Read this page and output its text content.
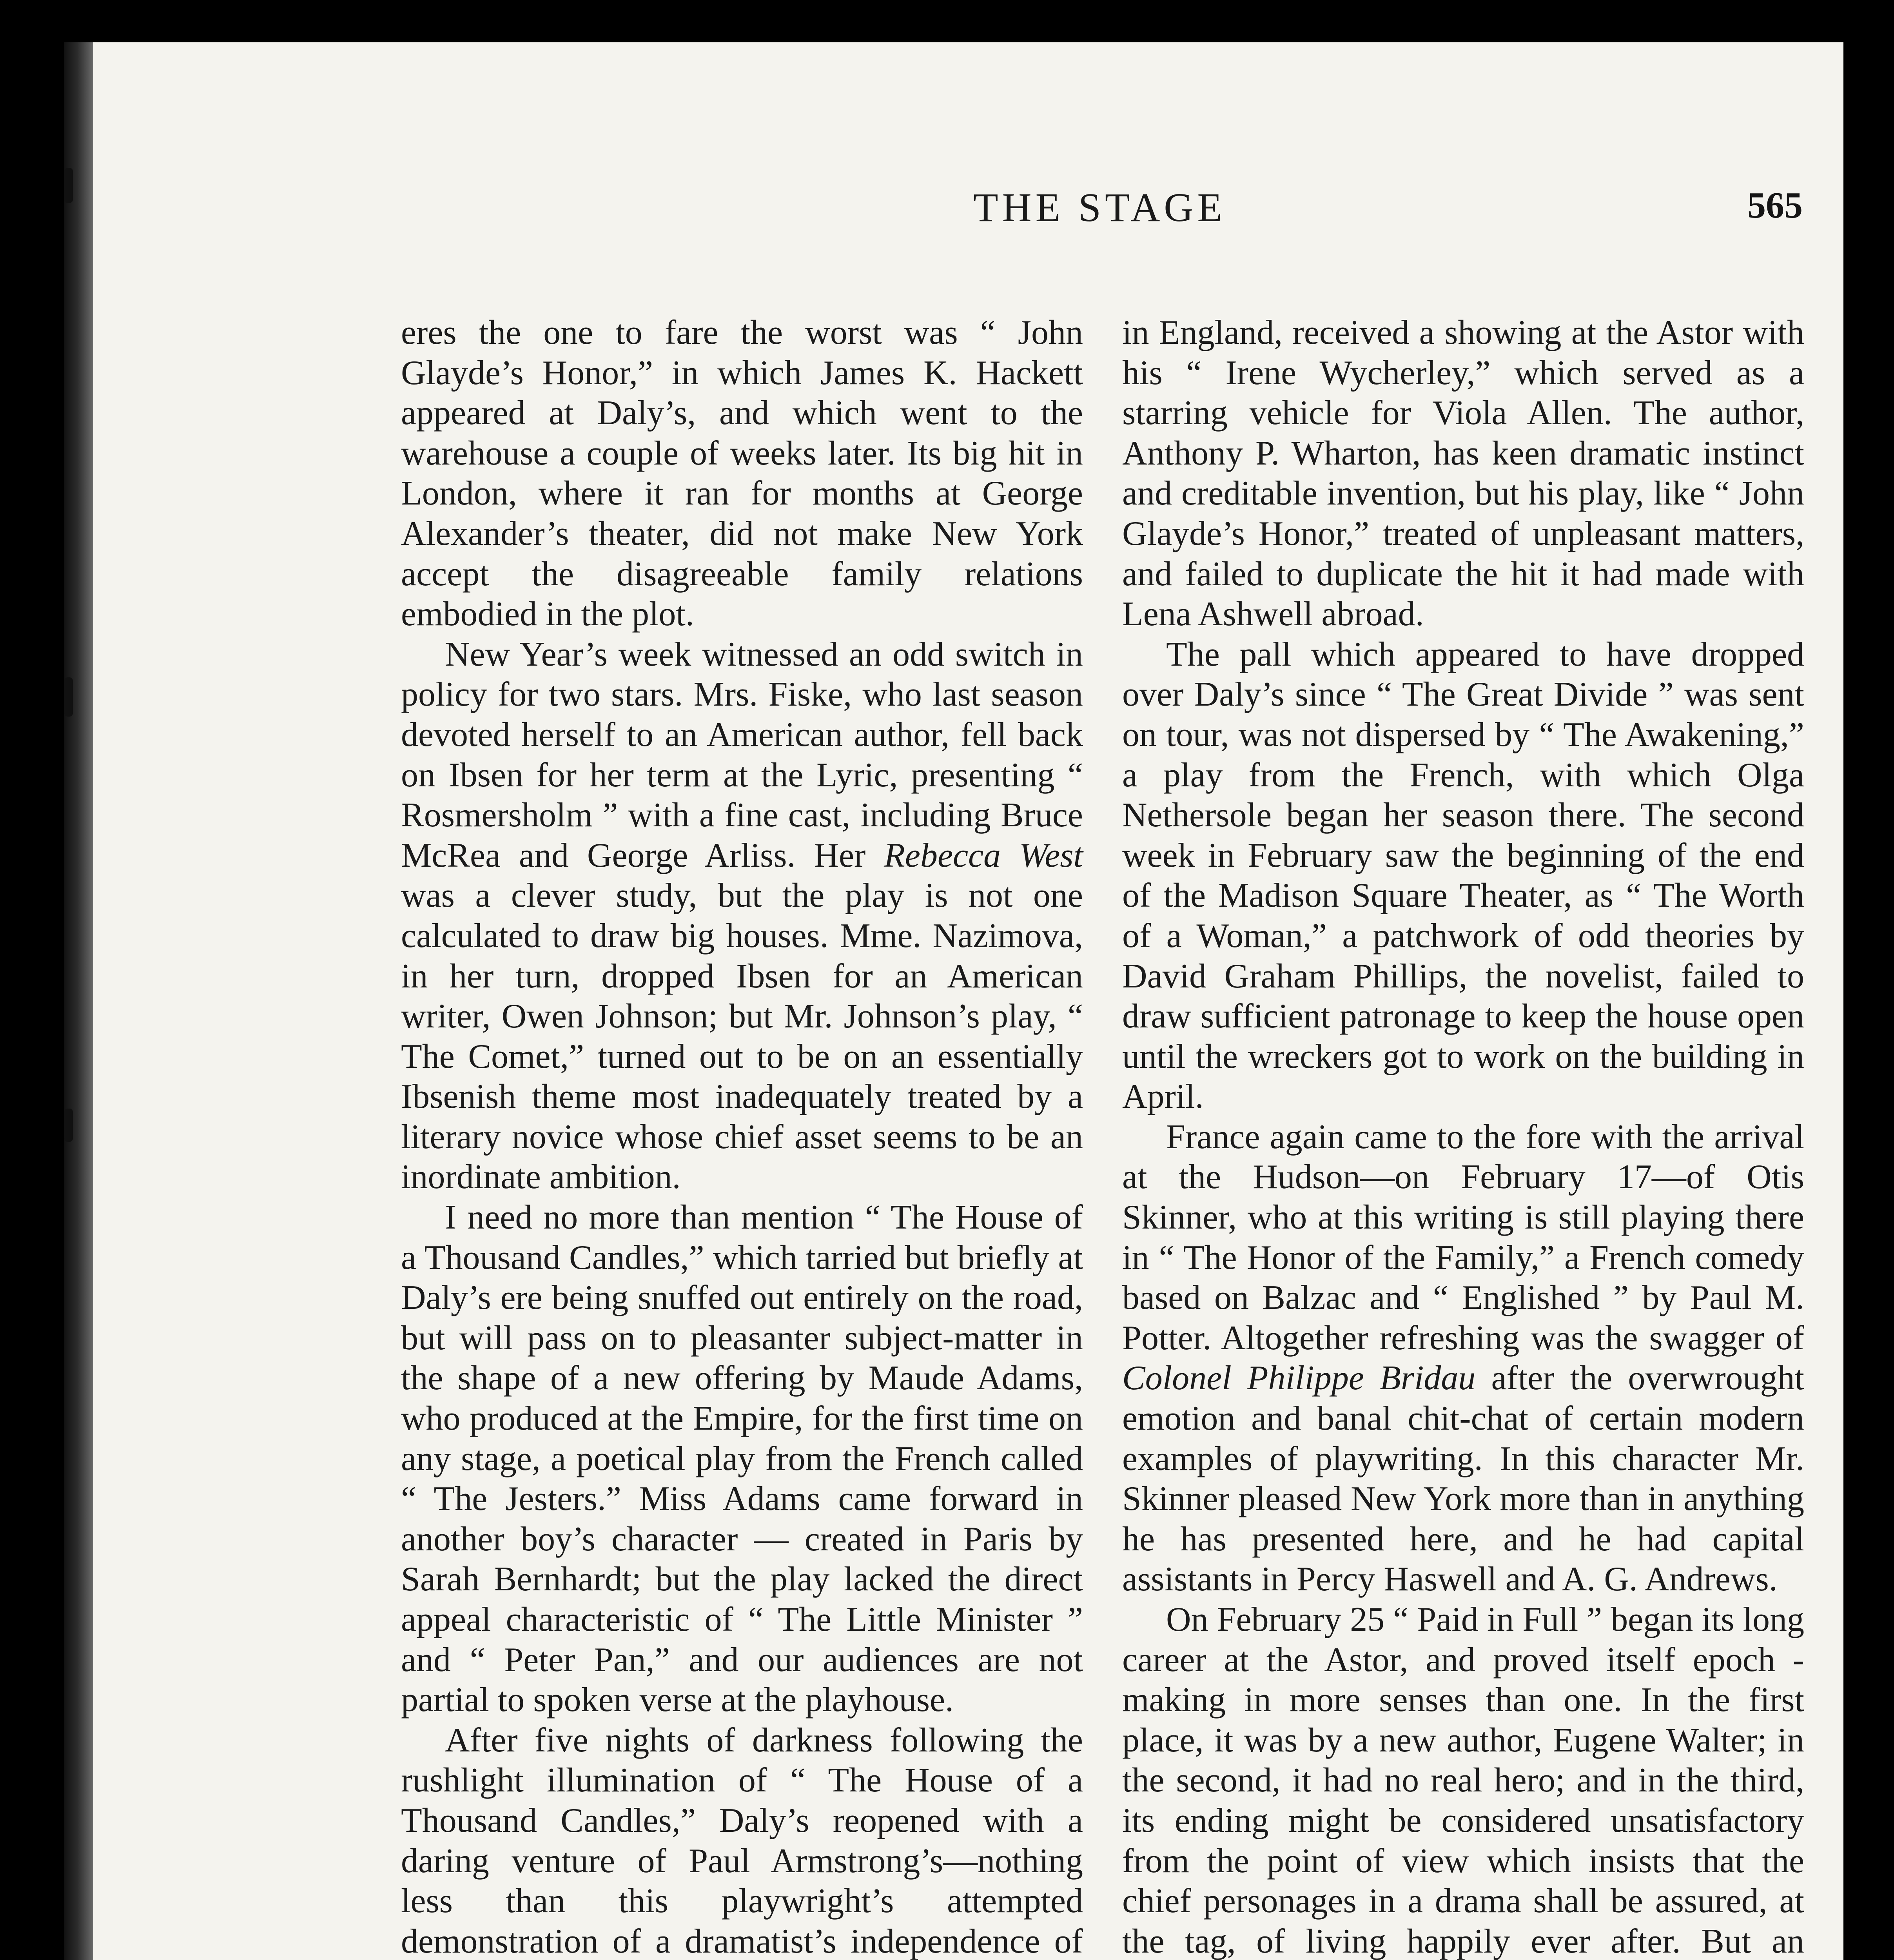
THE STAGE	565

eres the one to fare the worst was “ John Glayde’s Honor,” in which James K. Hackett appeared at Daly’s, and which went to the warehouse a couple of weeks later. Its big hit in London, where it ran for months at George Alexander’s theater, did not make New York accept the disagreeable family relations embodied in the plot.

New Year’s week witnessed an odd switch in policy for two stars. Mrs. Fiske, who last season devoted herself to an American author, fell back on Ibsen for her term at the Lyric, presenting “ Rosmersholm ” with a fine cast, including Bruce McRea and George Arliss. Her Rebecca West was a clever study, but the play is not one calculated to draw big houses. Mme. Nazimova, in her turn, dropped Ibsen for an American writer, Owen Johnson; but Mr. Johnson’s play, “ The Comet,” turned out to be on an essentially Ibsenish theme most inadequately treated by a literary novice whose chief asset seems to be an inordinate ambition.

I need no more than mention “ The House of a Thousand Candles,” which tarried but briefly at Daly’s ere being snuffed out entirely on the road, but will pass on to pleasanter subject-matter in the shape of a new offering by Maude Adams, who produced at the Empire, for the first time on any stage, a poetical play from the French called “ The Jesters.” Miss Adams came forward in another boy’s character — created in Paris by Sarah Bernhardt; but the play lacked the direct appeal characteristic of “ The Little Minister ” and “ Peter Pan,” and our audiences are not partial to spoken verse at the playhouse.

After five nights of darkness following the rushlight illumination of “ The House of a Thousand Candles,” Daly’s reopened with a daring venture of Paul Armstrong’s—nothing less than this playwright’s attempted demonstration of a dramatist’s independence of

in England, received a showing at the Astor with his “ Irene Wycherley,” which served as a starring vehicle for Viola Allen. The author, Anthony P. Wharton, has keen dramatic instinct and creditable invention, but his play, like “ John Glayde’s Honor,” treated of unpleasant matters, and failed to duplicate the hit it had made with Lena Ashwell abroad.

The pall which appeared to have dropped over Daly’s since “ The Great Divide ” was sent on tour, was not dispersed by “ The Awakening,” a play from the French, with which Olga Nethersole began her season there. The second week in February saw the beginning of the end of the Madison Square Theater, as “ The Worth of a Woman,” a patchwork of odd theories by David Graham Phillips, the novelist, failed to draw sufficient patronage to keep the house open until the wreckers got to work on the building in April.

France again came to the fore with the arrival at the Hudson—on February 17—of Otis Skinner, who at this writing is still playing there in “ The Honor of the Family,” a French comedy based on Balzac and “ Englished ” by Paul M. Potter. Altogether refreshing was the swagger of Colonel Philippe Bridau after the overwrought emotion and banal chit-chat of certain modern examples of playwriting. In this character Mr. Skinner pleased New York more than in anything he has presented here, and he had capital assistants in Percy Haswell and A. G. Andrews.

On February 25 “ Paid in Full ” began its long career at the Astor, and proved itself epoch - making in more senses than one. In the first place, it was by a new author, Eugene Walter; in the second, it had no real hero; and in the third, its ending might be considered unsatisfactory from the point of view which insists that the chief personages in a drama shall be assured, at the tag, of living happily ever after. But an
